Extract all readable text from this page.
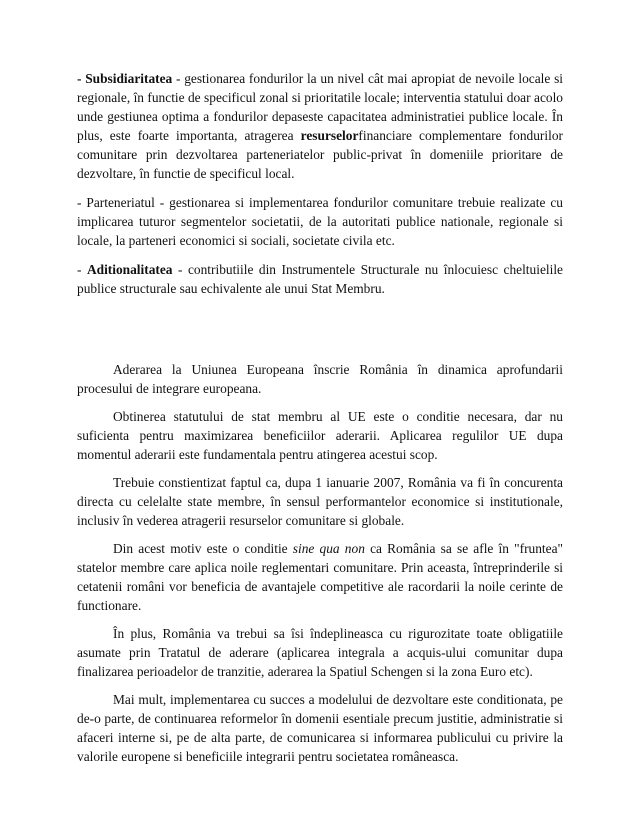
- Subsidiaritatea - gestionarea fondurilor la un nivel cât mai apropiat de nevoile locale si regionale, în functie de specificul zonal si prioritatile locale; interventia statului doar acolo unde gestiunea optima a fondurilor depaseste capacitatea administratiei publice locale. În plus, este foarte importanta, atragerea resurselorfinanciare complementare fondurilor comunitare prin dezvoltarea parteneriatelor public-privat în domeniile prioritare de dezvoltare, în functie de specificul local.

- Parteneriatul - gestionarea si implementarea fondurilor comunitare trebuie realizate cu implicarea tuturor segmentelor societatii, de la autoritati publice nationale, regionale si locale, la parteneri economici si sociali, societate civila etc.

- Aditionalitatea - contributiile din Instrumentele Structurale nu înlocuiesc cheltuielile publice structurale sau echivalente ale unui Stat Membru.

Aderarea la Uniunea Europeana înscrie România în dinamica aprofundarii procesului de integrare europeana.

Obtinerea statutului de stat membru al UE este o conditie necesara, dar nu suficienta pentru maximizarea beneficiilor aderarii. Aplicarea regulilor UE dupa momentul aderarii este fundamentala pentru atingerea acestui scop.

Trebuie constientizat faptul ca, dupa 1 ianuarie 2007, România va fi în concurenta directa cu celelalte state membre, în sensul performantelor economice si institutionale, inclusiv în vederea atragerii resurselor comunitare si globale.

Din acest motiv este o conditie sine qua non ca România sa se afle în "fruntea" statelor membre care aplica noile reglementari comunitare. Prin aceasta, întreprinderile si cetatenii români vor beneficia de avantajele competitive ale racordarii la noile cerinte de functionare.

În plus, România va trebui sa îsi îndeplineasca cu rigurozitate toate obligatiile asumate prin Tratatul de aderare (aplicarea integrala a acquis-ului comunitar dupa finalizarea perioadelor de tranzitie, aderarea la Spatiul Schengen si la zona Euro etc).

Mai mult, implementarea cu succes a modelului de dezvoltare este conditionata, pe de-o parte, de continuarea reformelor în domenii esentiale precum justitie, administratie si afaceri interne si, pe de alta parte, de comunicarea si informarea publicului cu privire la valorile europene si beneficiile integrarii pentru societatea româneasca.
